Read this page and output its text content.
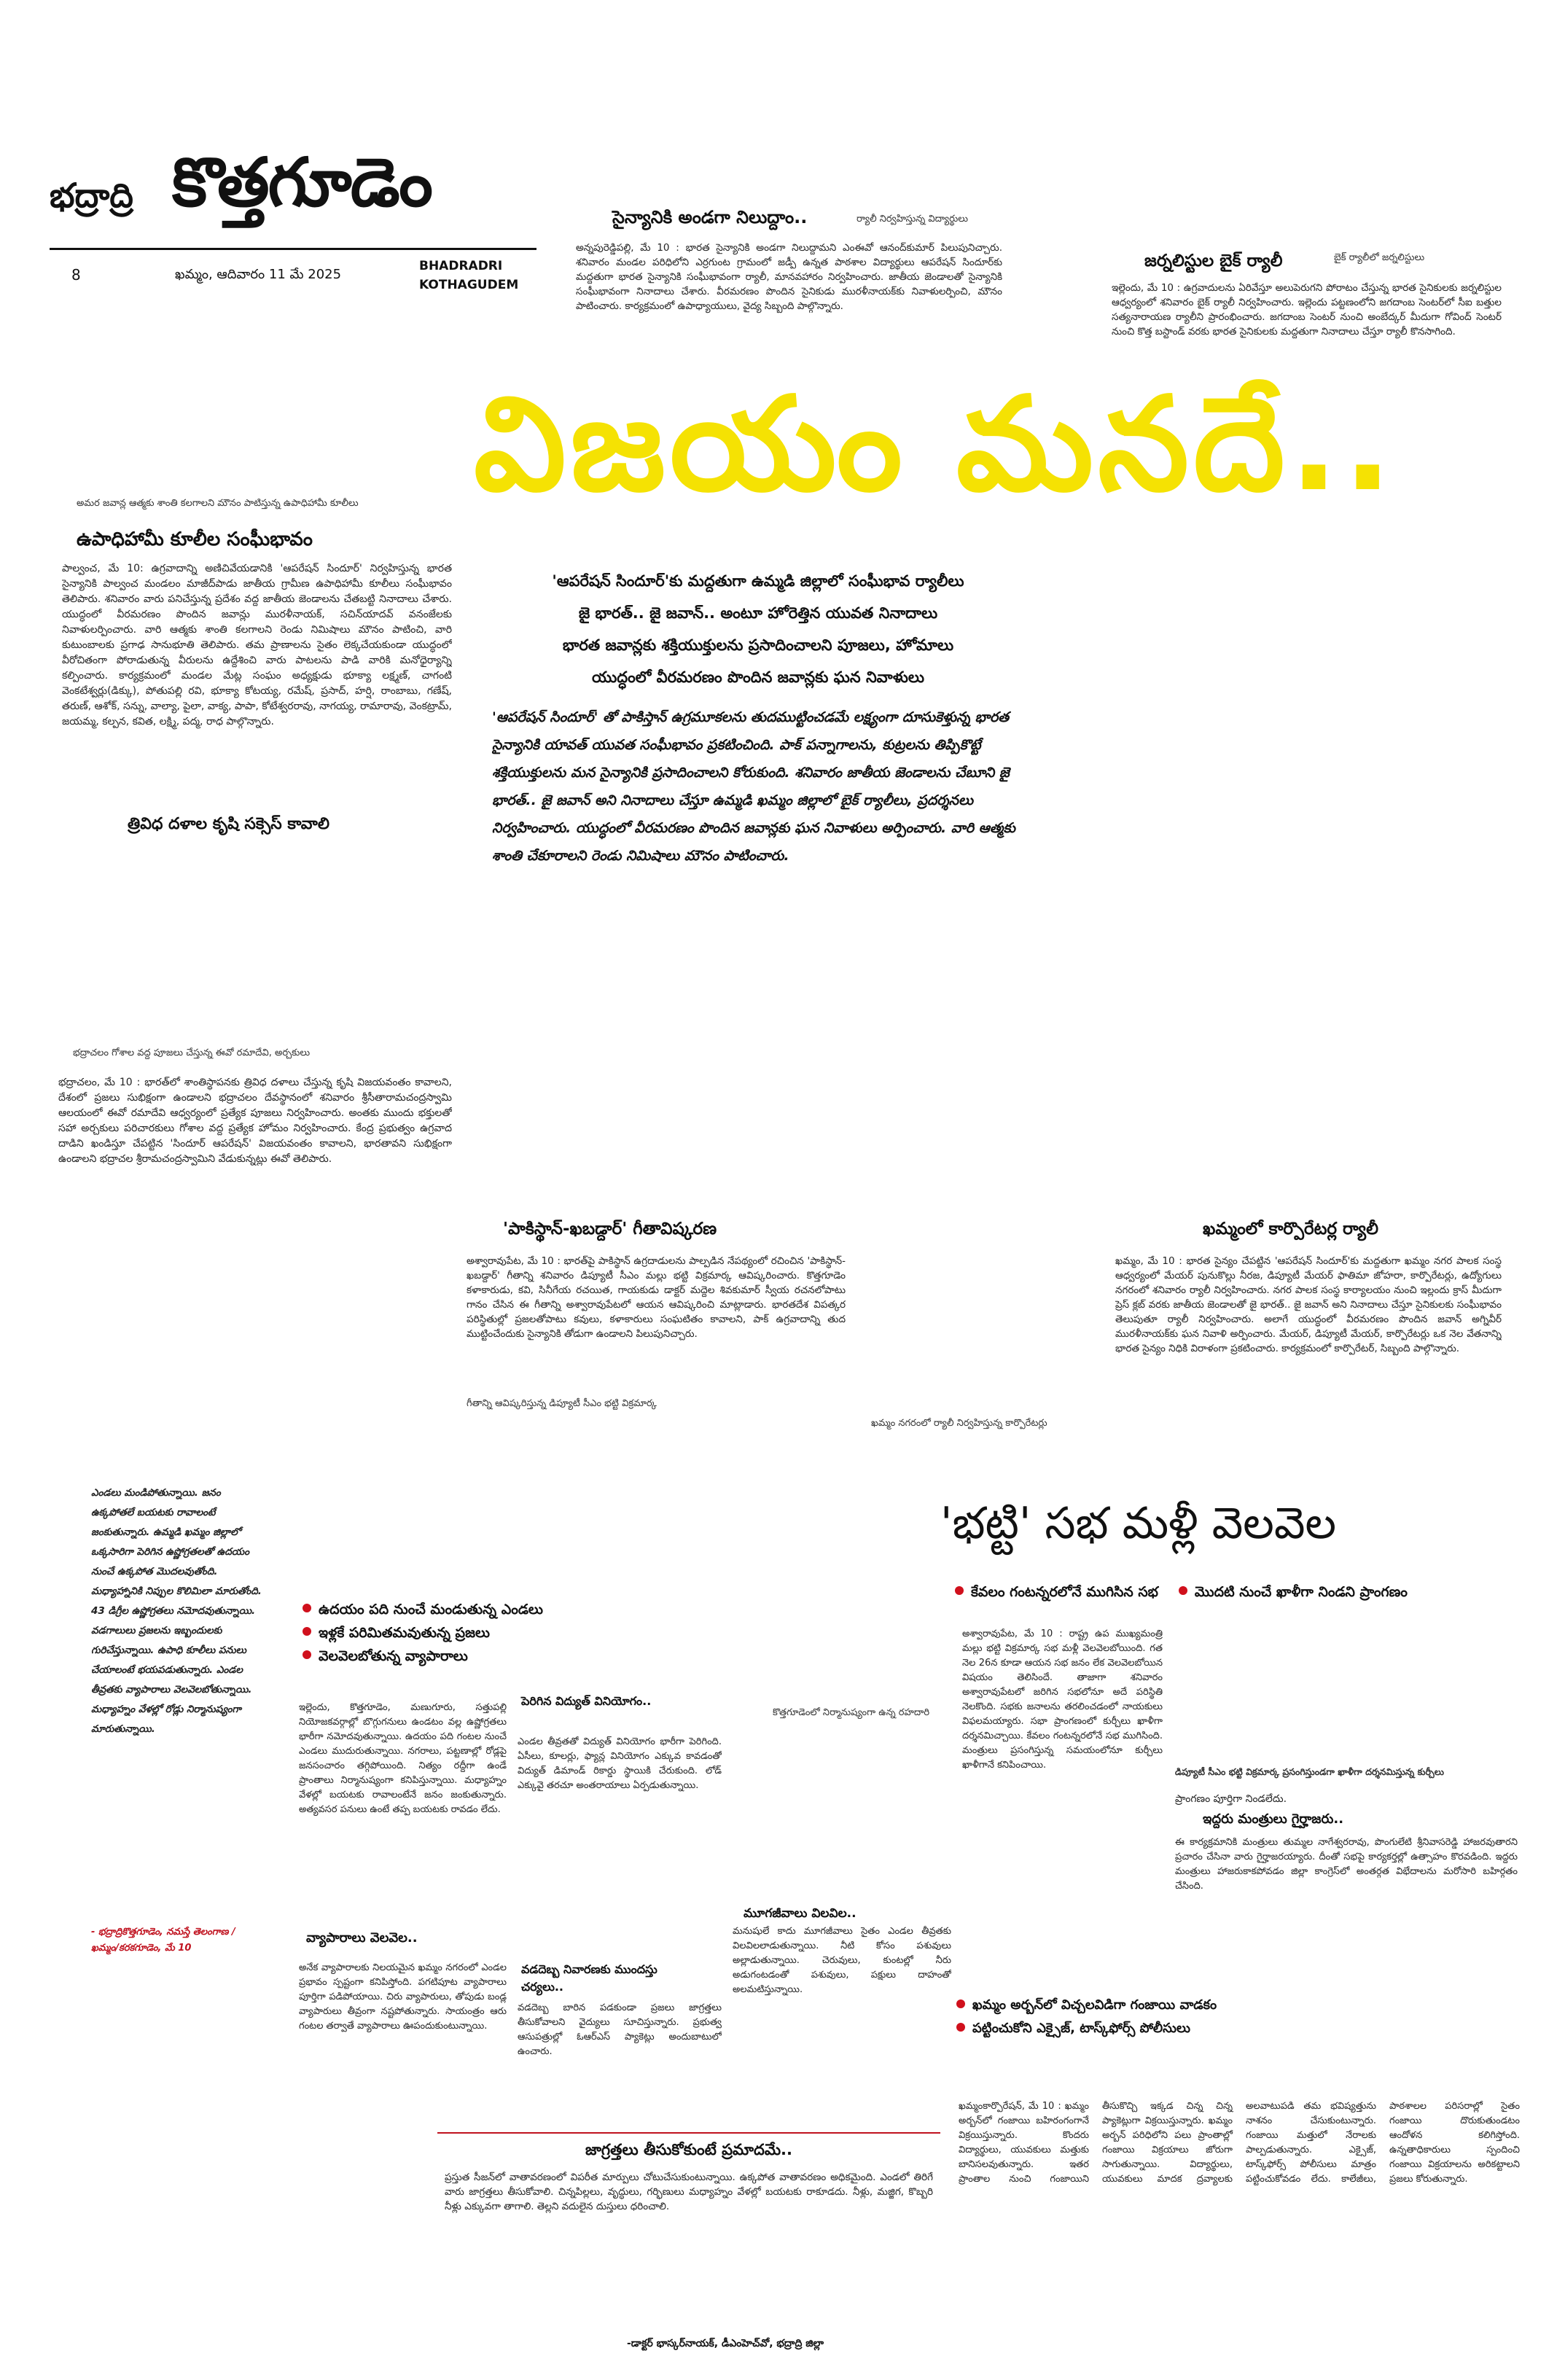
భద్రాద్రి కొత్తగూడెం
8	ఖమ్మం, ఆదివారం 11 మే 2025
BHADRADRI
KOTHAGUDEM
సైన్యానికి అండగా నిలుద్దాం..	ర్యాలీ నిర్వహిస్తున్న విద్యార్థులు
అన్నపురెడ్డిపల్లి, మే 10 : భారత సైన్యానికి అండగా నిలుద్దామని ఎంఈవో ఆనంద్‌కుమార్ పిలుపునిచ్చారు. శనివారం మండల పరిధిలోని ఎర్రగుంట గ్రామంలో జడ్పీ ఉన్నత పాఠశాల విద్యార్థులు ఆపరేషన్ సిందూర్‌కు మద్దతుగా భారత సైన్యానికి సంఘీభావంగా ర్యాలీ, మానవహారం నిర్వహించారు. జాతీయ జెండాలతో సైన్యానికి సంఘీభావంగా నినాదాలు చేశారు. వీరమరణం పొందిన సైనికుడు మురళీనాయక్‌కు నివాళులర్పించి, మౌనం పాటించారు. కార్యక్రమంలో ఉపాధ్యాయులు, వైద్య సిబ్బంది పాల్గొన్నారు.
జర్నలిస్టుల బైక్ ర్యాలీ	బైక్ ర్యాలీలో జర్నలిస్టులు
ఇల్లెందు, మే 10 : ఉగ్రవాదులను ఏరివేస్తూ అలుపెరుగని పోరాటం చేస్తున్న భారత సైనికులకు జర్నలిస్టుల ఆధ్వర్యంలో శనివారం బైక్ ర్యాలీ నిర్వహించారు. ఇల్లెందు పట్టణంలోని జగదాంబ సెంటర్‌లో సీఐ బత్తుల సత్యనారాయణ ర్యాలీని ప్రారంభించారు. జగదాంబ సెంటర్ నుంచి అంబేద్కర్ మీదుగా గోవింద్ సెంటర్ నుంచి కొత్త బస్టాండ్ వరకు భారత సైనికులకు మద్దతుగా నినాదాలు చేస్తూ ర్యాలీ కొనసాగింది.
విజయం మనదే..
'ఆపరేషన్ సిందూర్'కు మద్దతుగా ఉమ్మడి జిల్లాలో సంఘీభావ ర్యాలీలు
జై భారత్.. జై జవాన్.. అంటూ హోరెత్తిన యువత నినాదాలు
భారత జవాన్లకు శక్తియుక్తులను ప్రసాదించాలని పూజలు, హోమాలు
యుద్ధంలో వీరమరణం పొందిన జవాన్లకు ఘన నివాళులు
'ఆపరేషన్ సిందూర్' తో పాకిస్తాన్ ఉగ్రమూకలను తుదముట్టించడమే లక్ష్యంగా దూసుకెళ్తున్న భారత సైన్యానికి యావత్ యువత సంఘీభావం ప్రకటించింది. పాక్ పన్నాగాలను, కుట్రలను తిప్పికొట్టే శక్తియుక్తులను మన సైన్యానికి ప్రసాదించాలని కోరుకుంది. శనివారం జాతీయ జెండాలను చేబూని జై భారత్.. జై జవాన్ అని నినాదాలు చేస్తూ ఉమ్మడి ఖమ్మం జిల్లాలో బైక్ ర్యాలీలు, ప్రదర్శనలు నిర్వహించారు. యుద్ధంలో వీరమరణం పొందిన జవాన్లకు ఘన నివాళులు అర్పించారు. వారి ఆత్మకు శాంతి చేకూరాలని రెండు నిమిషాలు మౌనం పాటించారు.
అమర జవాన్ల ఆత్మకు శాంతి కలగాలని మౌనం పాటిస్తున్న ఉపాధిహామీ కూలీలు
ఉపాధిహామీ కూలీల సంఘీభావం
పాల్వంచ, మే 10: ఉగ్రవాదాన్ని అణిచివేయడానికి 'ఆపరేషన్ సిందూర్' నిర్వహిస్తున్న భారత సైన్యానికి పాల్వంచ మండలం మాజీద్‌పాడు జాతీయ గ్రామీణ ఉపాధిహామీ కూలీలు సంఘీభావం తెలిపారు. శనివారం వారు పనిచేస్తున్న ప్రదేశం వద్ద జాతీయ జెండాలను చేతబట్టి నినాదాలు చేశారు. యుద్ధంలో వీరమరణం పొందిన జవాన్లు మురళీనాయక్, సచిన్‌యాదవ్ వనంజేలకు నివాళులర్పించారు. వారి ఆత్మకు శాంతి కలగాలని రెండు నిమిషాలు మౌనం పాటించి, వారి కుటుంబాలకు ప్రగాఢ సానుభూతి తెలిపారు. తమ ప్రాణాలను సైతం లెక్కచేయకుండా యుద్ధంలో వీరోచితంగా పోరాడుతున్న వీరులను ఉద్దేశించి వారు పాటలను పాడి వారికి మనోధైర్యాన్ని కల్పించారు. కార్యక్రమంలో మండల మేట్ల సంఘం అధ్యక్షుడు భూక్యా లక్ష్మణ్, చాగంటి వెంకటేశ్వర్లు(డిక్కు), పోతుపల్లి రవి, భూక్యా కోటయ్య, రమేష్, ప్రసాద్, హర్షి, రాంబాబు, గణేష్, తరుణ్, ఆశోక్, సన్ను, వాల్యా, పైలా, వాక్య, పాపా, కోటేశ్వరరావు, నాగయ్య, రామారావు, వెంకట్రామ్, జయమ్మ, కల్పన, కవిత, లక్ష్మి, పద్మ, రాధ పాల్గొన్నారు.
త్రివిధ దళాల కృషి సక్సెస్ కావాలి
భద్రాచలం గోశాల వద్ద పూజలు చేస్తున్న ఈవో రమాదేవి, అర్చకులు
భద్రాచలం, మే 10 : భారత్‌లో శాంతిస్థాపనకు త్రివిధ దళాలు చేస్తున్న కృషి విజయవంతం కావాలని, దేశంలో ప్రజలు సుభిక్షంగా ఉండాలని భద్రాచలం దేవస్థానంలో శనివారం శ్రీసీతారామచంద్రస్వామి ఆలయంలో ఈవో రమాదేవి ఆధ్వర్యంలో ప్రత్యేక పూజలు నిర్వహించారు. అంతకు ముందు భక్తులతో సహా అర్చకులు పరిచారకులు గోశాల వద్ద ప్రత్యేక హోమం నిర్వహించారు. కేంద్ర ప్రభుత్వం ఉగ్రవాద దాడిని ఖండిస్తూ చేపట్టిన 'సిందూర్ ఆపరేషన్' విజయవంతం కావాలని, భారతావని సుభిక్షంగా ఉండాలని భద్రాచల శ్రీరామచంద్రస్వామిని వేడుకున్నట్లు ఈవో తెలిపారు.
'పాకిస్థాన్-ఖబడ్దార్' గీతావిష్కరణ
అశ్వారావుపేట, మే 10 : భారత్‌పై పాకిస్థాన్ ఉగ్రదాడులను పాల్పడిన నేపథ్యంలో రచించిన 'పాకిస్థాన్-ఖబడ్దార్' గీతాన్ని శనివారం డిప్యూటీ సీఎం మల్లు భట్టి విక్రమార్క ఆవిష్కరించారు. కొత్తగూడెం కళాకారుడు, కవి, సినీగేయ రచయిత, గాయకుడు డాక్టర్ మద్దెల శివకుమార్ స్వీయ రచనలోపాటు గానం చేసిన ఈ గీతాన్ని అశ్వారావుపేటలో ఆయన ఆవిష్కరించి మాట్లాడారు. భారతదేశ విపత్కర పరిస్థితుల్లో ప్రజలతోపాటు కవులు, కళాకారులు సంఘటితం కావాలని, పాక్ ఉగ్రవాదాన్ని తుద ముట్టించేందుకు సైన్యానికి తోడుగా ఉండాలని పిలుపునిచ్చారు.
గీతాన్ని ఆవిష్కరిస్తున్న డిప్యూటీ సీఎం భట్టి విక్రమార్క
ఖమ్మంలో కార్పొరేటర్ల ర్యాలీ
ఖమ్మం, మే 10 : భారత సైన్యం చేపట్టిన 'ఆపరేషన్ సిందూర్'కు మద్దతుగా ఖమ్మం నగర పాలక సంస్థ ఆధ్వర్యంలో మేయర్ పునుకొల్లు నీరజ, డిప్యూటీ మేయర్ ఫాతిమా జోహరా, కార్పొరేటర్లు, ఉద్యోగులు నగరంలో శనివారం ర్యాలీ నిర్వహించారు. నగర పాలక సంస్థ కార్యాలయం నుంచి ఇల్లందు క్రాస్ మీదుగా ప్రెస్ క్లబ్ వరకు జాతీయ జెండాలతో జై భారత్.. జై జవాన్ అని నినాదాలు చేస్తూ సైనికులకు సంఘీభావం తెలుపుతూ ర్యాలీ నిర్వహించారు. అలాగే యుద్ధంలో వీరమరణం పొందిన జవాన్ అగ్నివీర్ మురళీనాయక్‌కు ఘన నివాళి అర్పించారు. మేయర్, డిప్యూటీ మేయర్, కార్పొరేటర్లు ఒక నెల వేతనాన్ని భారత సైన్యం నిధికి విరాళంగా ప్రకటించారు. కార్యక్రమంలో కార్పొరేటర్, సిబ్బంది పాల్గొన్నారు.
ఖమ్మం నగరంలో ర్యాలీ నిర్వహిస్తున్న కార్పొరేటర్లు
ఎండలు మండిపోతున్నాయి. జనం ఉక్కపోతలే బయటకు రావాలంటే జంకుతున్నారు. ఉమ్మడి ఖమ్మం జిల్లాలో ఒక్కసారిగా పెరిగిన ఉష్ణోగ్రతలతో ఉదయం నుంచే ఉక్కపోత మొదలవుతోంది. మధ్యాహ్నానికి నిప్పుల కొలిమిలా మారుతోంది. 43 డిగ్రీల ఉష్ణోగ్రతలు నమోదవుతున్నాయి. వడగాలులు ప్రజలను ఇబ్బందులకు గురిచేస్తున్నాయి. ఉపాధి కూలీలు పనులు చేయాలంటే భయపడుతున్నారు. ఎండల తీవ్రతకు వ్యాపారాలు వెలవెలబోతున్నాయి. మధ్యాహ్నం వేళల్లో రోడ్లు నిర్మానుష్యంగా మారుతున్నాయి.
- భద్రాద్రికొత్తగూడెం, నమస్తే తెలంగాణ /
ఖమ్మం/కరకగూడెం, మే 10
ఉదయం పది నుంచే మండుతున్న ఎండలు
ఇళ్లకే పరిమితమవుతున్న ప్రజలు
వెలవెలబోతున్న వ్యాపారాలు
ఇల్లెందు, కొత్తగూడెం, మణుగూరు, సత్తుపల్లి నియోజకవర్గాల్లో బొగ్గుగనులు ఉండటం వల్ల ఉష్ణోగ్రతలు భారీగా నమోదవుతున్నాయి. ఉదయం పది గంటల నుంచే ఎండలు ముదురుతున్నాయి. నగరాలు, పట్టణాల్లో రోడ్లపై జనసంచారం తగ్గిపోయింది. నిత్యం రద్దీగా ఉండే ప్రాంతాలు నిర్మానుష్యంగా కనిపిస్తున్నాయి. మధ్యాహ్నం వేళల్లో బయటకు రావాలంటేనే జనం జంకుతున్నారు. అత్యవసర పనులు ఉంటే తప్ప బయటకు రావడం లేదు.
వ్యాపారాలు వెలవెల..
అనేక వ్యాపారాలకు నిలయమైన ఖమ్మం నగరంలో ఎండల ప్రభావం స్పష్టంగా కనిపిస్తోంది. పగటిపూట వ్యాపారాలు పూర్తిగా పడిపోయాయి. చిరు వ్యాపారులు, తోపుడు బండ్ల వ్యాపారులు తీవ్రంగా నష్టపోతున్నారు. సాయంత్రం ఆరు గంటల తర్వాతే వ్యాపారాలు ఊపందుకుంటున్నాయి.
పెరిగిన విద్యుత్ వినియోగం..
ఎండల తీవ్రతతో విద్యుత్ వినియోగం భారీగా పెరిగింది. ఏసీలు, కూలర్లు, ఫ్యాన్ల వినియోగం ఎక్కువ కావడంతో విద్యుత్ డిమాండ్ రికార్డు స్థాయికి చేరుకుంది. లోడ్ ఎక్కువై తరచూ అంతరాయాలు ఏర్పడుతున్నాయి.
వడదెబ్బ నివారణకు ముందస్తు చర్యలు..
వడదెబ్బ బారిన పడకుండా ప్రజలు జాగ్రత్తలు తీసుకోవాలని వైద్యులు సూచిస్తున్నారు. ప్రభుత్వ ఆసుపత్రుల్లో ఓఆర్ఎస్ ప్యాకెట్లు అందుబాటులో ఉంచారు.
కొత్తగూడెంలో నిర్మానుష్యంగా ఉన్న రహదారి
మూగజీవాలు విలవిల..
మనుషులే కాదు మూగజీవాలు సైతం ఎండల తీవ్రతకు విలవిలలాడుతున్నాయి. నీటి కోసం పశువులు అల్లాడుతున్నాయి. చెరువులు, కుంటల్లో నీరు అడుగంటడంతో పశువులు, పక్షులు దాహంతో అలమటిస్తున్నాయి.
జాగ్రత్తలు తీసుకోకుంటే ప్రమాదమే..
ప్రస్తుత సీజన్‌లో వాతావరణంలో విపరీత మార్పులు చోటుచేసుకుంటున్నాయి. ఉక్కపోత వాతావరణం అధికమైంది. ఎండలో తిరిగే వారు జాగ్రత్తలు తీసుకోవాలి. చిన్నపిల్లలు, వృద్ధులు, గర్భిణులు మధ్యాహ్నం వేళల్లో బయటకు రాకూడదు. నీళ్లు, మజ్జిగ, కొబ్బరి నీళ్లు ఎక్కువగా తాగాలి. తెల్లని వదులైన దుస్తులు ధరించాలి.
-డాక్టర్ భాస్కర్‌నాయక్, డీఎంహెచ్‌వో, భద్రాద్రి జిల్లా
'భట్టి' సభ మళ్లీ వెలవెల
కేవలం గంటన్నరలోనే ముగిసిన సభ	మొదటి నుంచే ఖాళీగా నిండని ప్రాంగణం
అశ్వారావుపేట, మే 10 : రాష్ట్ర ఉప ముఖ్యమంత్రి మల్లు భట్టి విక్రమార్క సభ మళ్లీ వెలవెలబోయింది. గత నెల 26న కూడా ఆయన సభ జనం లేక వెలవెలబోయిన విషయం తెలిసిందే. తాజాగా శనివారం అశ్వారావుపేటలో జరిగిన సభలోనూ అదే పరిస్థితి నెలకొంది. సభకు జనాలను తరలించడంలో నాయకులు విఫలమయ్యారు. సభా ప్రాంగణంలో కుర్చీలు ఖాళీగా దర్శనమిచ్చాయి. కేవలం గంటన్నరలోనే సభ ముగిసింది. మంత్రులు ప్రసంగిస్తున్న సమయంలోనూ కుర్చీలు ఖాళీగానే కనిపించాయి.
డిప్యూటీ సీఎం భట్టి విక్రమార్క ప్రసంగిస్తుండగా ఖాళీగా దర్శనమిస్తున్న కుర్చీలు
ప్రాంగణం పూర్తిగా నిండలేదు.
ఇద్దరు మంత్రులు గైర్హాజరు..
ఈ కార్యక్రమానికి మంత్రులు తుమ్మల నాగేశ్వరరావు, పొంగులేటి శ్రీనివాసరెడ్డి హాజరవుతారని ప్రచారం చేసినా వారు గైర్హాజరయ్యారు. దీంతో సభపై కార్యకర్తల్లో ఉత్సాహం కొరవడింది. ఇద్దరు మంత్రులు హాజరుకాకపోవడం జిల్లా కాంగ్రెస్‌లో అంతర్గత విభేదాలను మరోసారి బహిర్గతం చేసింది.
ఖమ్మం అర్బన్‌లో విచ్చలవిడిగా గంజాయి వాడకం
పట్టించుకోని ఎక్సైజ్, టాస్క్‌ఫోర్స్ పోలీసులు
ఖమ్మంకార్పొరేషన్, మే 10 : ఖమ్మం అర్బన్‌లో గంజాయి బహిరంగంగానే విక్రయిస్తున్నారు. కొందరు విద్యార్థులు, యువకులు మత్తుకు బానిసలవుతున్నారు. ఇతర ప్రాంతాల నుంచి గంజాయిని తీసుకొచ్చి ఇక్కడ చిన్న చిన్న ప్యాకెట్లుగా విక్రయిస్తున్నారు. ఖమ్మం అర్బన్ పరిధిలోని పలు ప్రాంతాల్లో గంజాయి విక్రయాలు జోరుగా సాగుతున్నాయి. విద్యార్థులు, యువకులు మాదక ద్రవ్యాలకు అలవాటుపడి తమ భవిష్యత్తును నాశనం చేసుకుంటున్నారు. గంజాయి మత్తులో నేరాలకు పాల్పడుతున్నారు. ఎక్సైజ్, టాస్క్‌ఫోర్స్ పోలీసులు మాత్రం పట్టించుకోవడం లేదు. కాలేజీలు, పాఠశాలల పరిసరాల్లో సైతం గంజాయి దొరుకుతుండటం ఆందోళన కలిగిస్తోంది. ఉన్నతాధికారులు స్పందించి గంజాయి విక్రయాలను అరికట్టాలని ప్రజలు కోరుతున్నారు.
